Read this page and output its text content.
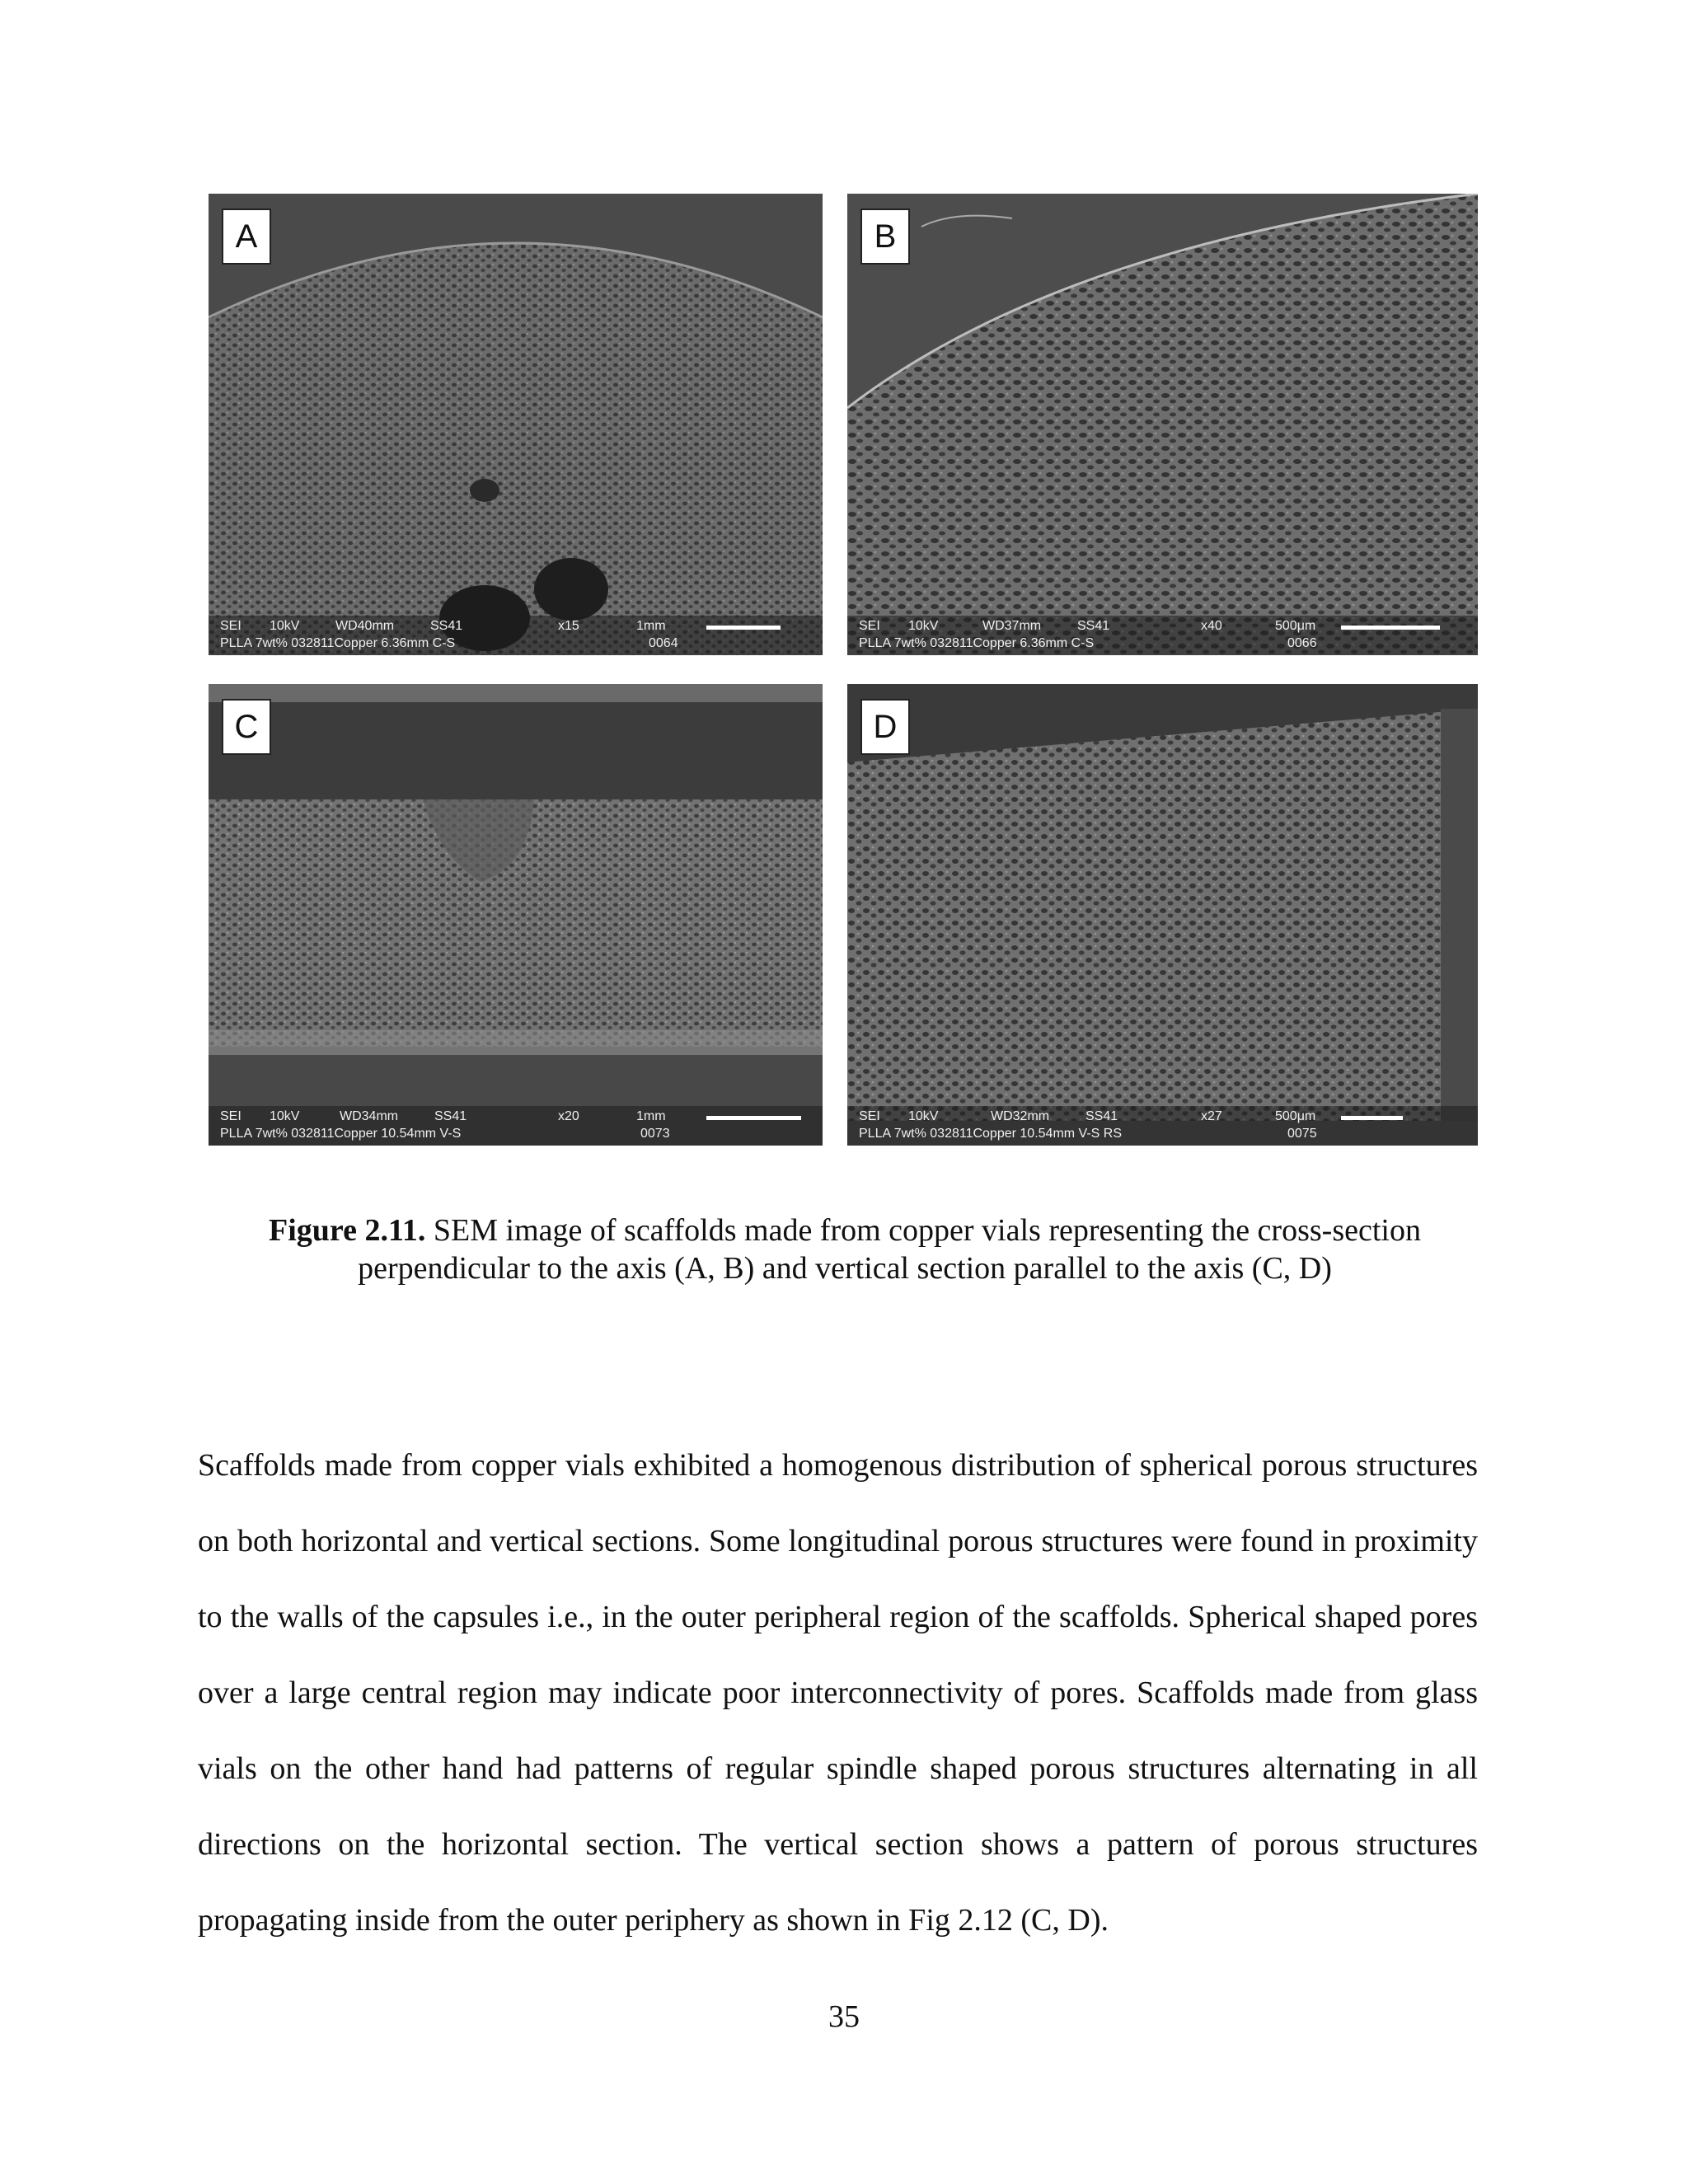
A
SEI 10kV	WD40mm	SS41	x15	1mm
PLLA 7wt% 032811Copper 6.36mm C-S	0064
B
SEI 10kV	WD37mm	SS41	x40	500μm
PLLA 7wt% 032811Copper 6.36mm C-S	0066
C
SEI 10kV	WD34mm	SS41	x20	1mm
PLLA 7wt% 032811Copper 10.54mm V-S	0073
D
SEI 10kV	WD32mm	SS41	x27	500μm
PLLA 7wt% 032811Copper 10.54mm V-S RS	0075
Figure 2.11. SEM image of scaffolds made from copper vials representing the cross-section perpendicular to the axis (A, B) and vertical section parallel to the axis (C, D)

Scaffolds made from copper vials exhibited a homogenous distribution of spherical porous structures on both horizontal and vertical sections. Some longitudinal porous structures were found in proximity to the walls of the capsules i.e., in the outer peripheral region of the scaffolds. Spherical shaped pores over a large central region may indicate poor interconnectivity of pores. Scaffolds made from glass vials on the other hand had patterns of regular spindle shaped porous structures alternating in all directions on the horizontal section. The vertical section shows a pattern of porous structures propagating inside from the outer periphery as shown in Fig 2.12 (C, D).

35
